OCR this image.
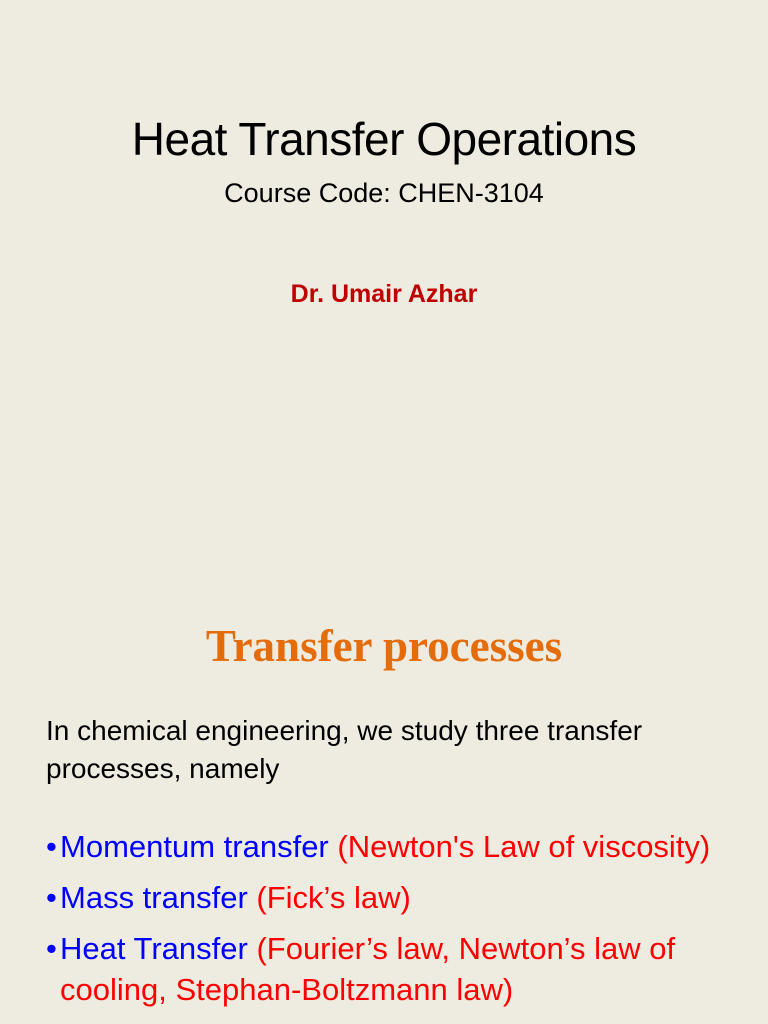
Heat Transfer Operations
Course Code: CHEN-3104
Dr. Umair Azhar
Transfer processes
In chemical engineering, we study three transfer processes, namely
• Momentum transfer (Newton's Law of viscosity)
• Mass transfer (Fick’s law)
• Heat Transfer (Fourier’s law, Newton’s law of cooling, Stephan-Boltzmann law)
